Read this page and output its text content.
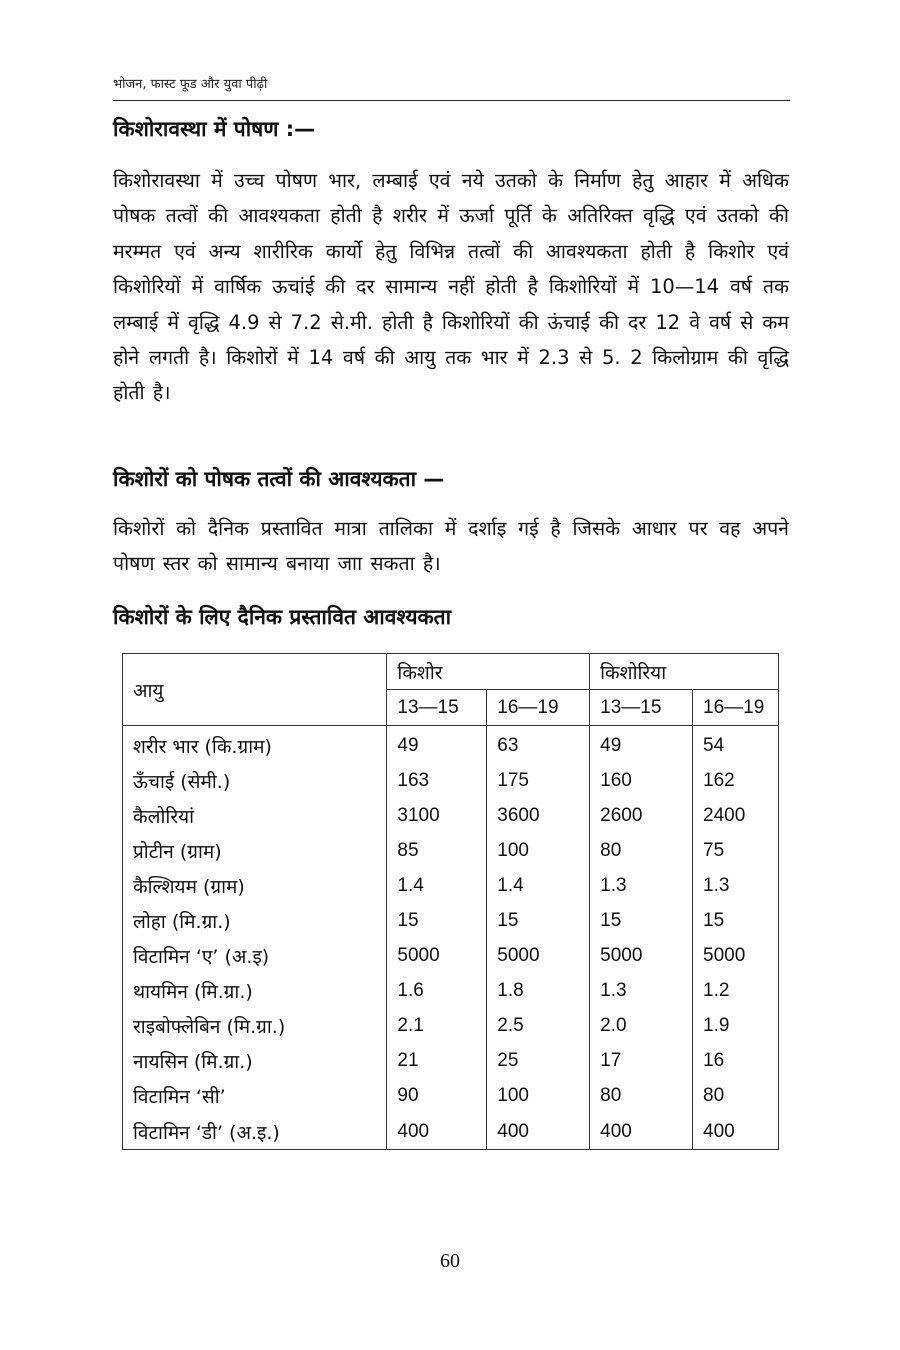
भोजन, फास्ट फूड और युवा पीढ़ी
किशोरावस्था में पोषण :—
किशोरावस्था में उच्च पोषण भार, लम्बाई एवं नये उतको के निर्माण हेतु आहार में अधिक पोषक तत्वों की आवश्यकता होती है शरीर में ऊर्जा पूर्ति के अतिरिक्त वृद्धि एवं उतको की मरम्मत एवं अन्य शारीरिक कार्यो हेतु विभिन्न तत्वों की आवश्यकता होती है किशोर एवं किशोरियों में वार्षिक ऊचांई की दर सामान्य नहीं होती है किशोरियों में 10—14 वर्ष तक लम्बाई में वृद्धि 4.9 से 7.2 से.मी. होती है किशोरियों की ऊंचाई की दर 12 वे वर्ष से कम होने लगती है। किशोरों में 14 वर्ष की आयु तक भार में 2.3 से 5. 2 किलोग्राम की वृद्धि होती है।
किशोरों को पोषक तत्वों की आवश्यकता —
किशोरों को दैनिक प्रस्तावित मात्रा तालिका में दर्शाइ गई है जिसके आधार पर वह अपने पोषण स्तर को सामान्य बनाया जाा सकता है।
किशोरों के लिए दैनिक प्रस्तावित आवश्यकता
आयु	किशोर		किशोरिया	
	13—15	16—19	13—15	16—19
शरीर भार (कि.ग्राम)	49	63	49	54
ऊँचाई (सेमी.)	163	175	160	162
कैलोरियां	3100	3600	2600	2400
प्रोटीन (ग्राम)	85	100	80	75
कैल्शियम (ग्राम)	1.4	1.4	1.3	1.3
लोहा (मि.ग्रा.)	15	15	15	15
विटामिन ‘ए’ (अ.इ)	5000	5000	5000	5000
थायमिन (मि.ग्रा.)	1.6	1.8	1.3	1.2
राइबोफ्लेबिन (मि.ग्रा.)	2.1	2.5	2.0	1.9
नायसिन (मि.ग्रा.)	21	25	17	16
विटामिन ‘सी’	90	100	80	80
विटामिन ‘डी’ (अ.इ.)	400	400	400	400
60
